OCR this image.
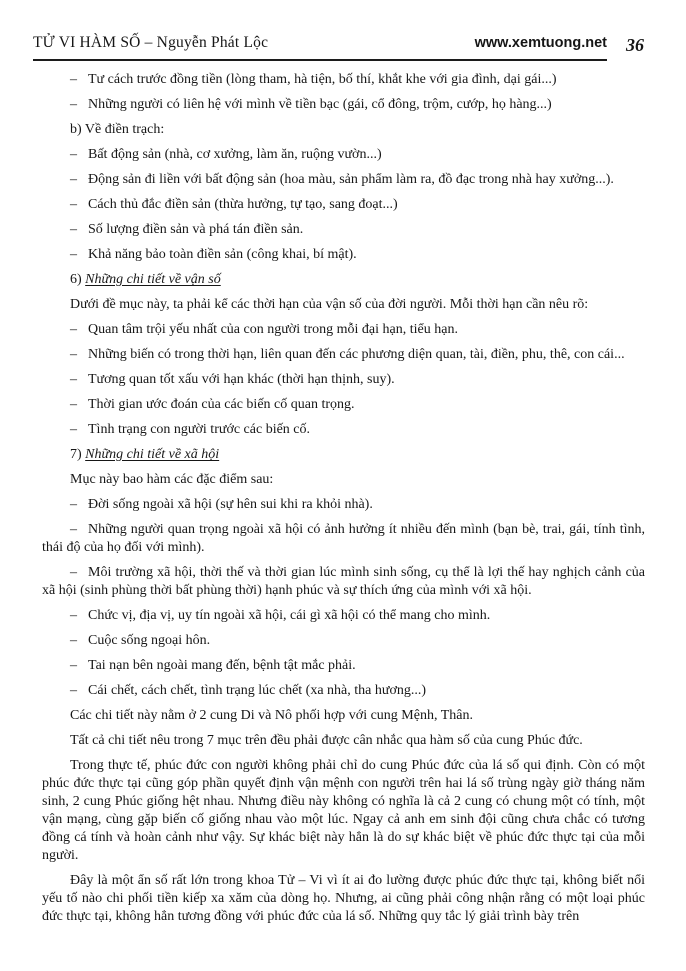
TỬ VI HÀM SỐ – Nguyễn Phát Lộc	www.xemtuong.net 36

– Tư cách trước đồng tiền (lòng tham, hà tiện, bố thí, khắt khe với gia đình, dại gái...)

– Những người có liên hệ với mình về tiền bạc (gái, cổ đông, trộm, cướp, họ hàng...)

b) Về điền trạch:

– Bất động sản (nhà, cơ xưởng, làm ăn, ruộng vườn...)

– Động sản đi liền với bất động sản (hoa màu, sản phẩm làm ra, đồ đạc trong nhà hay xưởng...).

– Cách thủ đắc điền sản (thừa hưởng, tự tạo, sang đoạt...)

– Số lượng điền sản và phá tán điền sản.

– Khả năng bảo toàn điền sản (công khai, bí mật).

6) Những chi tiết về vận số

Dưới đề mục này, ta phải kể các thời hạn của vận số của đời người. Mỗi thời hạn cần nêu rõ:

– Quan tâm trội yếu nhất của con người trong mỗi đại hạn, tiểu hạn.

– Những biến có trong thời hạn, liên quan đến các phương diện quan, tài, điền, phu, thê, con cái...

– Tương quan tốt xấu với hạn khác (thời hạn thịnh, suy).

– Thời gian ước đoán của các biến cố quan trọng.

– Tình trạng con người trước các biến cố.

7) Những chi tiết về xã hội

Mục này bao hàm các đặc điểm sau:

– Đời sống ngoài xã hội (sự hên sui khi ra khỏi nhà).

– Những người quan trọng ngoài xã hội có ảnh hưởng ít nhiều đến mình (bạn bè, trai, gái, tính tình, thái độ của họ đối với mình).

– Môi trường xã hội, thời thế và thời gian lúc mình sinh sống, cụ thể là lợi thế hay nghịch cảnh của xã hội (sinh phùng thời bất phùng thời) hạnh phúc và sự thích ứng của mình với xã hội.

– Chức vị, địa vị, uy tín ngoài xã hội, cái gì xã hội có thể mang cho mình.

– Cuộc sống ngoại hôn.

– Tai nạn bên ngoài mang đến, bệnh tật mắc phải.

– Cái chết, cách chết, tình trạng lúc chết (xa nhà, tha hương...)

Các chi tiết này nằm ở 2 cung Di và Nô phối hợp với cung Mệnh, Thân.

Tất cả chi tiết nêu trong 7 mục trên đều phải được cân nhắc qua hàm số của cung Phúc đức.

Trong thực tế, phúc đức con người không phải chỉ do cung Phúc đức của lá số qui định. Còn có một phúc đức thực tại cũng góp phần quyết định vận mệnh con người trên hai lá số trùng ngày giờ tháng năm sinh, 2 cung Phúc giống hệt nhau. Nhưng điều này không có nghĩa là cả 2 cung có chung một có tính, một vận mạng, cùng gặp biến cố giống nhau vào một lúc. Ngay cả anh em sinh đội cũng chưa chắc có tương đồng cá tính và hoàn cảnh như vậy. Sự khác biệt này hẳn là do sự khác biệt về phúc đức thực tại của mỗi người.

Đây là một ẩn số rất lớn trong khoa Tử – Vi vì ít ai đo lường được phúc đức thực tại, không biết nổi yếu tố nào chi phối tiền kiếp xa xăm của dòng họ. Nhưng, ai cũng phải công nhận rằng có một loại phúc đức thực tại, không hẳn tương đồng với phúc đức của lá số. Những quy tắc lý giải trình bày trên
